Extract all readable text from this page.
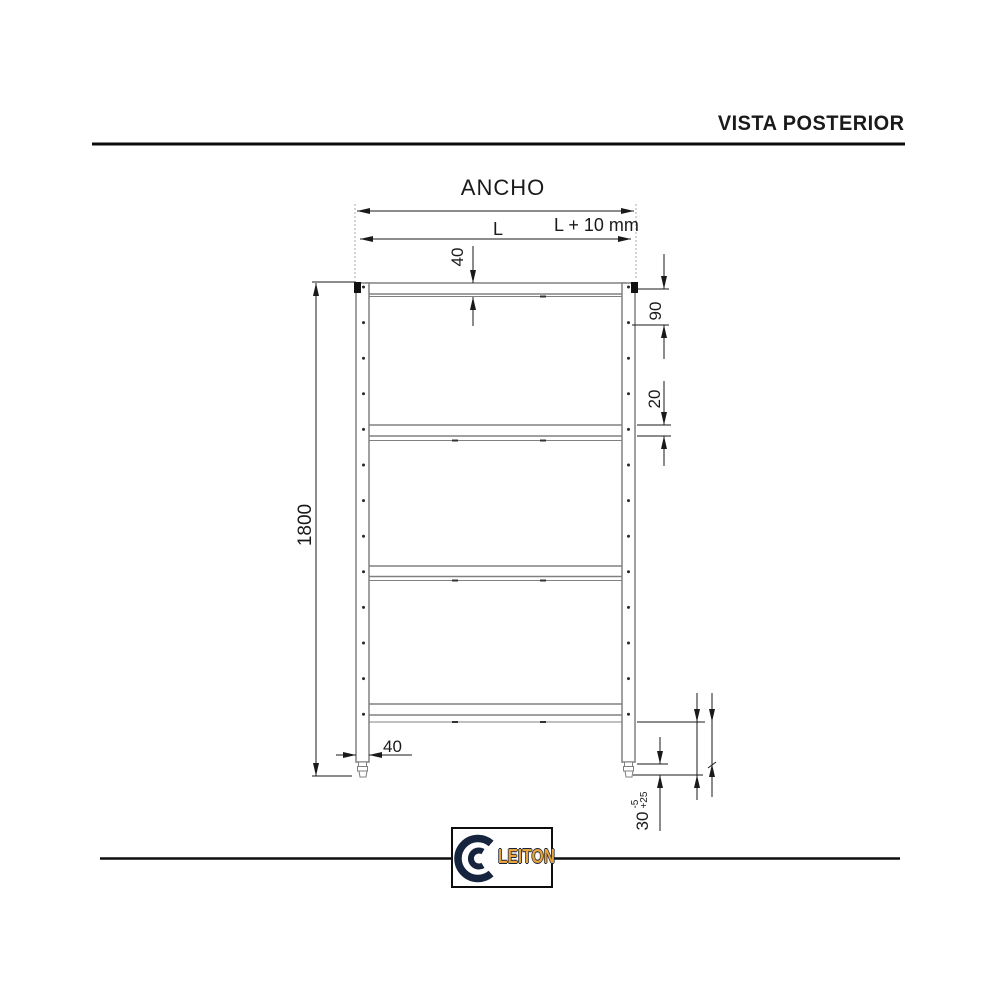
VISTA POSTERIOR
ANCHO
L	L + 10 mm
40
90
20
1800
40
30
-5
+25
LEITON
